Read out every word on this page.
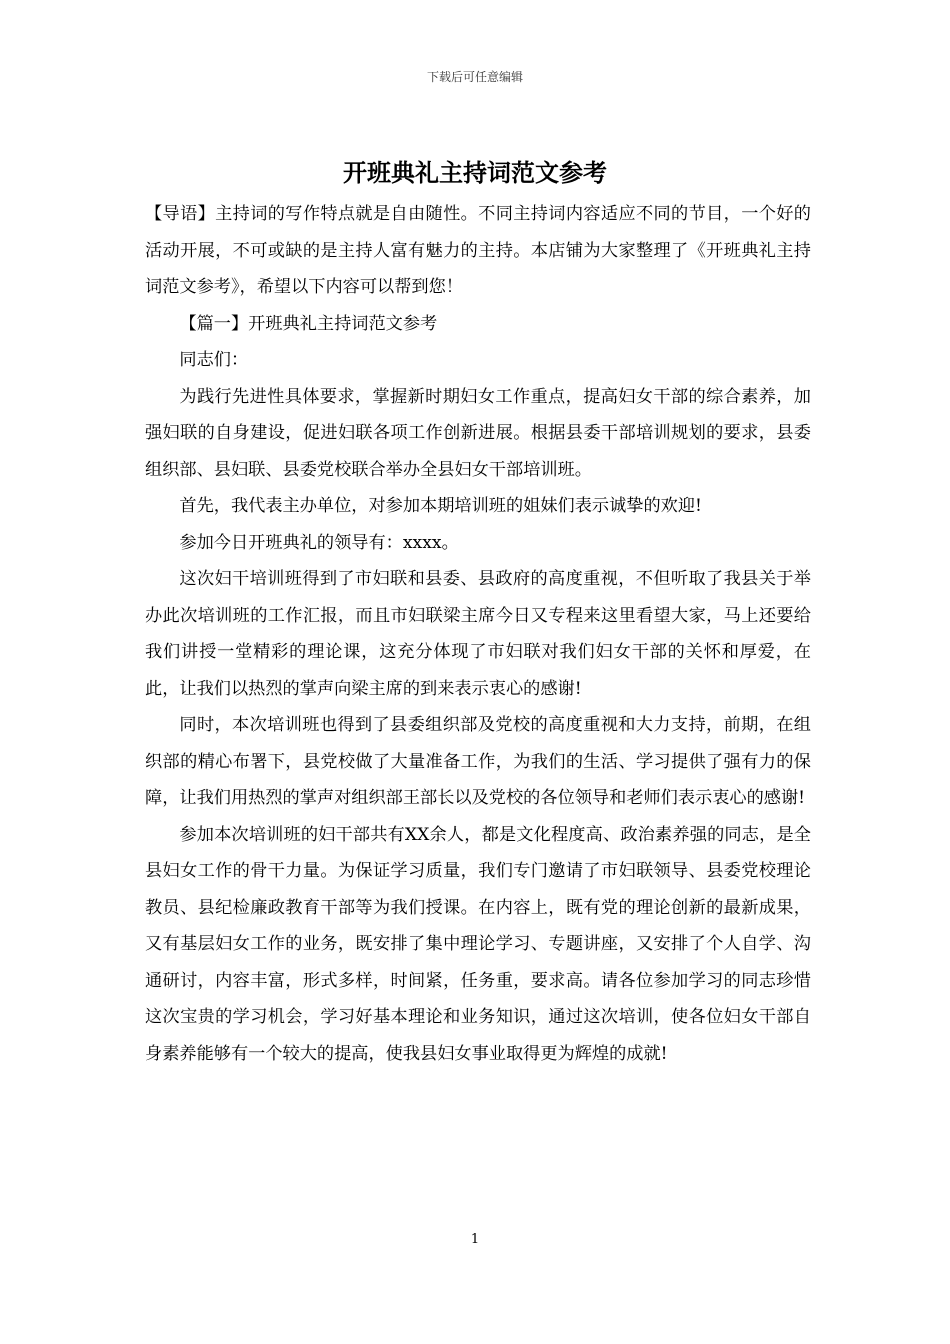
下载后可任意编辑
开班典礼主持词范文参考

【导语】主持词的写作特点就是自由随性。不同主持词内容适应不同的节目，一个好的活动开展，不可或缺的是主持人富有魅力的主持。本店铺为大家整理了《开班典礼主持词范文参考》，希望以下内容可以帮到您！

【篇一】开班典礼主持词范文参考

同志们：

为践行先进性具体要求，掌握新时期妇女工作重点，提高妇女干部的综合素养，加强妇联的自身建设，促进妇联各项工作创新进展。根据县委干部培训规划的要求，县委组织部、县妇联、县委党校联合举办全县妇女干部培训班。

首先，我代表主办单位，对参加本期培训班的姐妹们表示诚挚的欢迎!

参加今日开班典礼的领导有：xxxx。

这次妇干培训班得到了市妇联和县委、县政府的高度重视，不但听取了我县关于举办此次培训班的工作汇报，而且市妇联梁主席今日又专程来这里看望大家，马上还要给我们讲授一堂精彩的理论课，这充分体现了市妇联对我们妇女干部的关怀和厚爱，在此，让我们以热烈的掌声向梁主席的到来表示衷心的感谢!

同时，本次培训班也得到了县委组织部及党校的高度重视和大力支持，前期，在组织部的精心布署下，县党校做了大量准备工作，为我们的生活、学习提供了强有力的保障，让我们用热烈的掌声对组织部王部长以及党校的各位领导和老师们表示衷心的感谢!

参加本次培训班的妇干部共有XX余人，都是文化程度高、政治素养强的同志，是全县妇女工作的骨干力量。为保证学习质量，我们专门邀请了市妇联领导、县委党校理论教员、县纪检廉政教育干部等为我们授课。在内容上，既有党的理论创新的最新成果，又有基层妇女工作的业务，既安排了集中理论学习、专题讲座，又安排了个人自学、沟通研讨，内容丰富，形式多样，时间紧，任务重，要求高。请各位参加学习的同志珍惜这次宝贵的学习机会，学习好基本理论和业务知识，通过这次培训，使各位妇女干部自身素养能够有一个较大的提高，使我县妇女事业取得更为辉煌的成就!

1
